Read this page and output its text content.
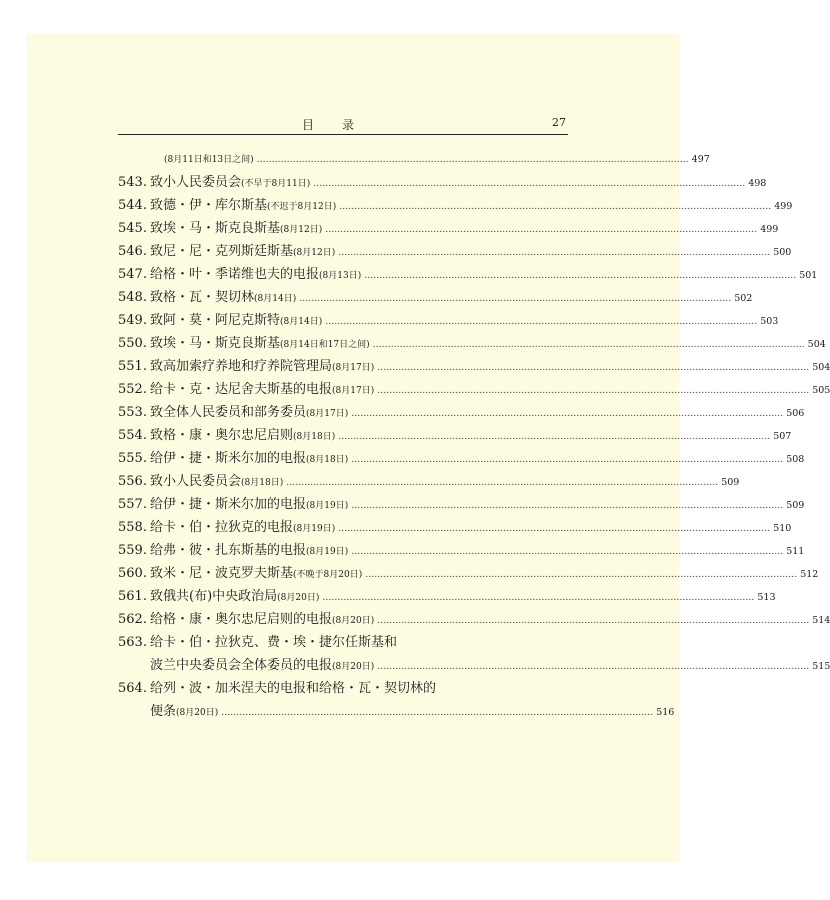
目录	27
(8月11日和13日之间) ……………………………………………………………………………………………………………………………… 497
543. 致小人民委员会 (不早于8月11日) ……………………………………………………………………………………………………………………………… 498
544. 致德・伊・库尔斯基 (不迟于8月12日) ……………………………………………………………………………………………………………………………… 499
545. 致埃・马・斯克良斯基 (8月12日) ……………………………………………………………………………………………………………………………… 499
546. 致尼・尼・克列斯廷斯基 (8月12日) ……………………………………………………………………………………………………………………………… 500
547. 给格・叶・季诺维也夫的电报 (8月13日) ……………………………………………………………………………………………………………………………… 501
548. 致格・瓦・契切林 (8月14日) ……………………………………………………………………………………………………………………………… 502
549. 致阿・莫・阿尼克斯特 (8月14日) ……………………………………………………………………………………………………………………………… 503
550. 致埃・马・斯克良斯基 (8月14日和17日之间) ……………………………………………………………………………………………………………………………… 504
551. 致高加索疗养地和疗养院管理局 (8月17日) ……………………………………………………………………………………………………………………………… 504
552. 给卡・克・达尼舍夫斯基的电报 (8月17日) ……………………………………………………………………………………………………………………………… 505
553. 致全体人民委员和部务委员 (8月17日) ……………………………………………………………………………………………………………………………… 506
554. 致格・康・奥尔忠尼启则 (8月18日) ……………………………………………………………………………………………………………………………… 507
555. 给伊・捷・斯米尔加的电报 (8月18日) ……………………………………………………………………………………………………………………………… 508
556. 致小人民委员会 (8月18日) ……………………………………………………………………………………………………………………………… 509
557. 给伊・捷・斯米尔加的电报 (8月19日) ……………………………………………………………………………………………………………………………… 509
558. 给卡・伯・拉狄克的电报 (8月19日) ……………………………………………………………………………………………………………………………… 510
559. 给弗・彼・扎东斯基的电报 (8月19日) ……………………………………………………………………………………………………………………………… 511
560. 致米・尼・波克罗夫斯基 (不晚于8月20日) ……………………………………………………………………………………………………………………………… 512
561. 致俄共(布)中央政治局 (8月20日) ……………………………………………………………………………………………………………………………… 513
562. 给格・康・奥尔忠尼启则的电报 (8月20日) ……………………………………………………………………………………………………………………………… 514
563. 给卡・伯・拉狄克、费・埃・捷尔任斯基和
波兰中央委员会全体委员的电报 (8月20日) ……………………………………………………………………………………………………………………………… 515
564. 给列・波・加米涅夫的电报和给格・瓦・契切林的
便条 (8月20日) ……………………………………………………………………………………………………………………………… 516
